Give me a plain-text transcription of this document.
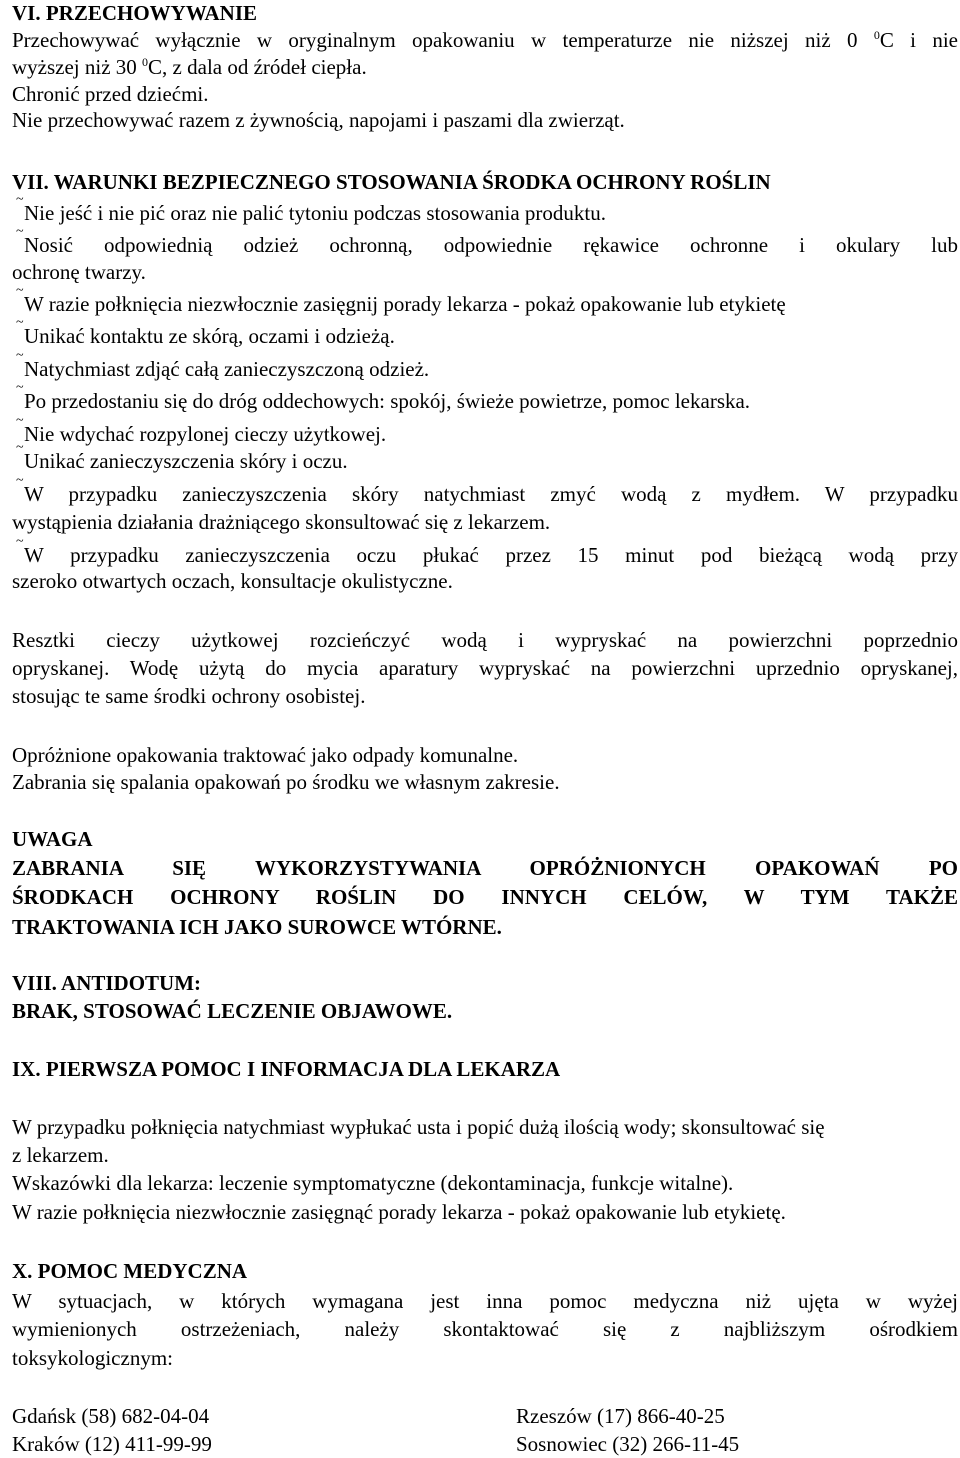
VI. PRZECHOWYWANIE
Przechowywać wyłącznie w oryginalnym opakowaniu w temperaturze nie niższej niż 0 $^0$C i nie
wyższej niż 30 $^0$C, z dala od źródeł ciepła.
Chronić przed dziećmi.
Nie przechowywać razem z żywnością, napojami i paszami dla zwierząt.
VII. WARUNKI BEZPIECZNEGO STOSOWANIA ŚRODKA OCHRONY ROŚLIN
~
Nie jeść i nie pić oraz nie palić tytoniu podczas stosowania produktu.
~
Nosić odpowiednią odzież ochronną, odpowiednie rękawice ochronne i okulary lub
ochronę twarzy.
~
W razie połknięcia niezwłocznie zasięgnij porady lekarza - pokaż opakowanie lub etykietę
~
Unikać kontaktu ze skórą, oczami i odzieżą.
~
Natychmiast zdjąć całą zanieczyszczoną odzież.
~
Po przedostaniu się do dróg oddechowych: spokój, świeże powietrze, pomoc lekarska.
~
Nie wdychać rozpylonej cieczy użytkowej.
~
Unikać zanieczyszczenia skóry i oczu.
~
W przypadku zanieczyszczenia skóry natychmiast zmyć wodą z mydłem. W przypadku
wystąpienia działania drażniącego skonsultować się z lekarzem.
~
W przypadku zanieczyszczenia oczu płukać przez 15 minut pod bieżącą wodą przy
szeroko otwartych oczach, konsultacje okulistyczne.
Resztki cieczy użytkowej rozcieńczyć wodą i wypryskać na powierzchni poprzednio
opryskanej. Wodę użytą do mycia aparatury wypryskać na powierzchni uprzednio opryskanej,
stosując te same środki ochrony osobistej.
Opróżnione opakowania traktować jako odpady komunalne.
Zabrania się spalania opakowań po środku we własnym zakresie.
UWAGA
ZABRANIA SIĘ WYKORZYSTYWANIA OPRÓŻNIONYCH OPAKOWAŃ PO
ŚRODKACH OCHRONY ROŚLIN DO INNYCH CELÓW, W TYM TAKŻE
TRAKTOWANIA ICH JAKO SUROWCE WTÓRNE.
VIII. ANTIDOTUM:
BRAK, STOSOWAĆ LECZENIE OBJAWOWE.
IX. PIERWSZA POMOC I INFORMACJA DLA LEKARZA
W przypadku połknięcia natychmiast wypłukać usta i popić dużą ilością wody; skonsultować się
z lekarzem.
Wskazówki dla lekarza: leczenie symptomatyczne (dekontaminacja, funkcje witalne).
W razie połknięcia niezwłocznie zasięgnąć porady lekarza - pokaż opakowanie lub etykietę.
X. POMOC MEDYCZNA
W sytuacjach, w których wymagana jest inna pomoc medyczna niż ujęta w wyżej
wymienionych ostrzeżeniach, należy skontaktować się z najbliższym ośrodkiem
toksykologicznym:
Gdańsk (58) 682-04-04	Rzeszów (17) 866-40-25
Kraków (12) 411-99-99	Sosnowiec (32) 266-11-45
